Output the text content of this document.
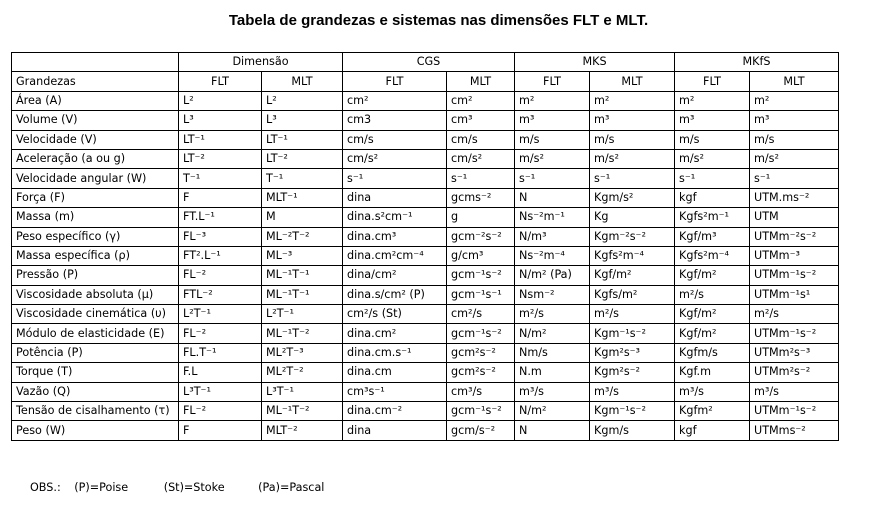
Tabela de grandezas e sistemas nas dimensões FLT e MLT.
	Dimensão		CGS		MKS		MKfS	
Grandezas	FLT	MLT	FLT	MLT	FLT	MLT	FLT	MLT
Área (A)	L²	L²	cm²	cm²	m²	m²	m²	m²
Volume (V)	L³	L³	cm3	cm³	m³	m³	m³	m³
Velocidade (V)	LT⁻¹	LT⁻¹	cm/s	cm/s	m/s	m/s	m/s	m/s
Aceleração (a ou g)	LT⁻²	LT⁻²	cm/s²	cm/s²	m/s²	m/s²	m/s²	m/s²
Velocidade angular (W)	T⁻¹	T⁻¹	s⁻¹	s⁻¹	s⁻¹	s⁻¹	s⁻¹	s⁻¹
Força (F)	F	MLT⁻¹	dina	gcms⁻²	N	Kgm/s²	kgf	UTM.ms⁻²
Massa (m)	FT.L⁻¹	M	dina.s²cm⁻¹	g	Ns⁻²m⁻¹	Kg	Kgfs²m⁻¹	UTM
Peso específico (γ)	FL⁻³	ML⁻²T⁻²	dina.cm³	gcm⁻²s⁻²	N/m³	Kgm⁻²s⁻²	Kgf/m³	UTMm⁻²s⁻²
Massa específica (ρ)	FT².L⁻¹	ML⁻³	dina.cm²cm⁻⁴	g/cm³	Ns⁻²m⁻⁴	Kgfs²m⁻⁴	Kgfs²m⁻⁴	UTMm⁻³
Pressão (P)	FL⁻²	ML⁻¹T⁻¹	dina/cm²	gcm⁻¹s⁻²	N/m² (Pa)	Kgf/m²	Kgf/m²	UTMm⁻¹s⁻²
Viscosidade absoluta (μ)	FTL⁻²	ML⁻¹T⁻¹	dina.s/cm² (P)	gcm⁻¹s⁻¹	Nsm⁻²	Kgfs/m²	m²/s	UTMm⁻¹s¹
Viscosidade cinemática (υ)	L²T⁻¹	L²T⁻¹	cm²/s (St)	cm²/s	m²/s	m²/s	Kgf/m²	m²/s
Módulo de elasticidade (E)	FL⁻²	ML⁻¹T⁻²	dina.cm²	gcm⁻¹s⁻²	N/m²	Kgm⁻¹s⁻²	Kgf/m²	UTMm⁻¹s⁻²
Potência (P)	FL.T⁻¹	ML²T⁻³	dina.cm.s⁻¹	gcm²s⁻²	Nm/s	Kgm²s⁻³	Kgfm/s	UTMm²s⁻³
Torque (T)	F.L	ML²T⁻²	dina.cm	gcm²s⁻²	N.m	Kgm²s⁻²	Kgf.m	UTMm²s⁻²
Vazão (Q)	L³T⁻¹	L³T⁻¹	cm³s⁻¹	cm³/s	m³/s	m³/s	m³/s	m³/s
Tensão de cisalhamento (τ)	FL⁻²	ML⁻¹T⁻²	dina.cm⁻²	gcm⁻¹s⁻²	N/m²	Kgm⁻¹s⁻²	Kgfm²	UTMm⁻¹s⁻²
Peso (W)	F	MLT⁻²	dina	gcm/s⁻²	N	Kgm/s	kgf	UTMms⁻²
OBS.: (P)=Poise	(St)=Stoke	(Pa)=Pascal
